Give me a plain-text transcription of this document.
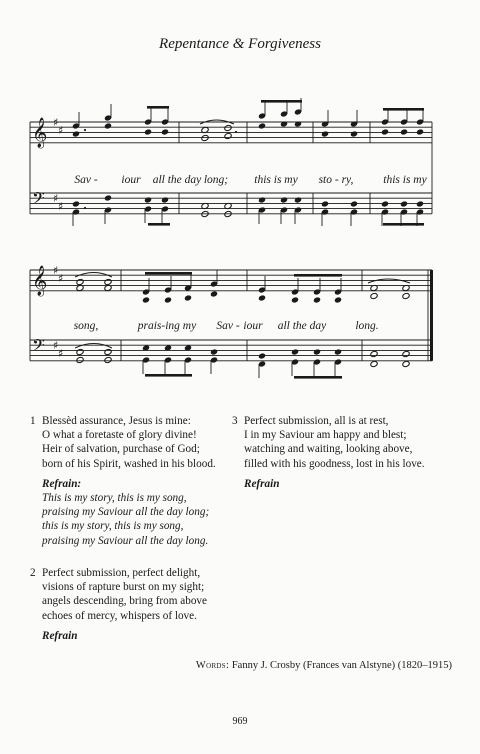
Repentance & Forgiveness
𝄞
𝄢
♯
♯
♯
♯
𝄞
𝄢
♯
♯
♯
♯
Sav - iour all the day long; this is my sto - ry,	this is my
song,	prais-ing my Sav - iour all the day	long.
1 Blessèd assurance, Jesus is mine:
O what a foretaste of glory divine!
Heir of salvation, purchase of God;
born of his Spirit, washed in his blood.
Refrain:
This is my story, this is my song,
praising my Saviour all the day long;
this is my story, this is my song,
praising my Saviour all the day long.
2 Perfect submission, perfect delight,
visions of rapture burst on my sight;
angels descending, bring from above
echoes of mercy, whispers of love.
Refrain
3 Perfect submission, all is at rest,
I in my Saviour am happy and blest;
watching and waiting, looking above,
filled with his goodness, lost in his love.
Refrain
Words: Fanny J. Crosby (Frances van Alstyne) (1820–1915)
969
